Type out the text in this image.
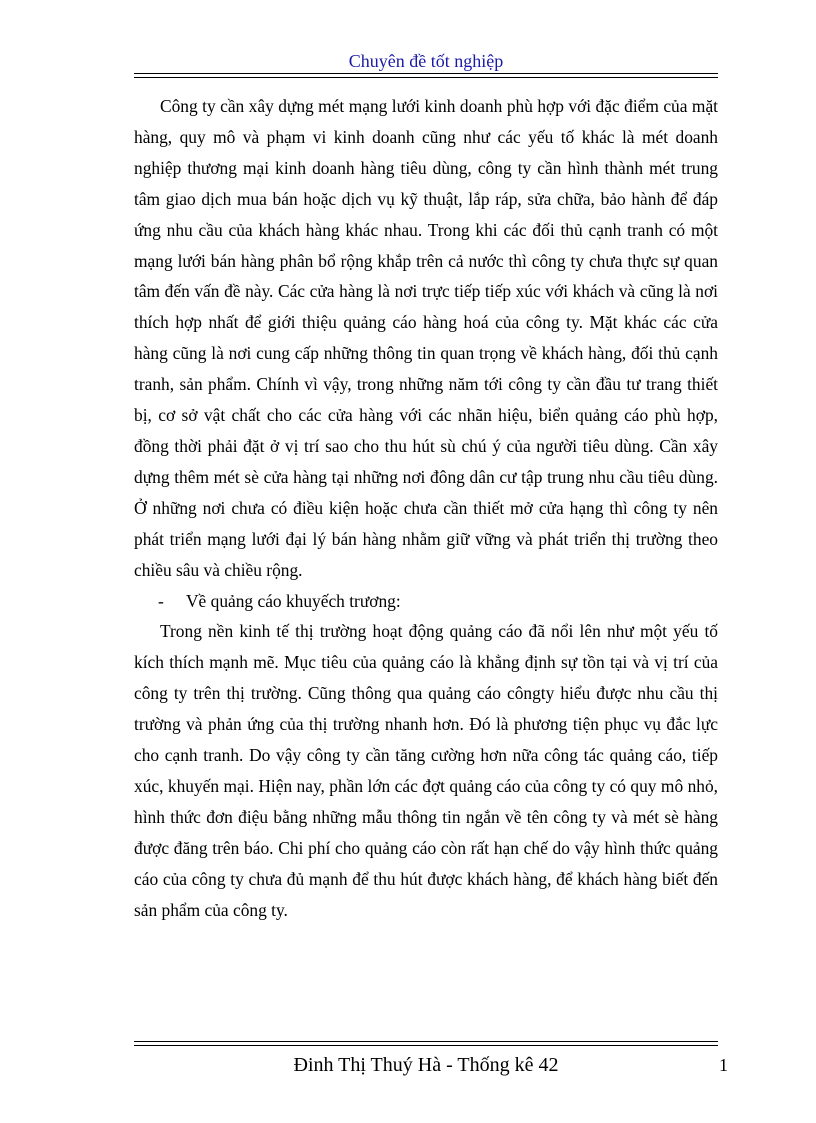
Chuyên đề tốt nghiệp

Công ty cần xây dựng mét mạng lưới kinh doanh phù hợp với đặc điểm của mặt hàng, quy mô và phạm vi kinh doanh cũng như các yếu tố khác là mét doanh nghiệp thương mại kinh doanh hàng tiêu dùng, công ty cần hình thành mét trung tâm giao dịch mua bán hoặc dịch vụ kỹ thuật, lắp ráp, sửa chữa, bảo hành để đáp ứng nhu cầu của khách hàng khác nhau. Trong khi các đối thủ cạnh tranh có một mạng lưới bán hàng phân bổ rộng khắp trên cả nước thì công ty chưa thực sự quan tâm đến vấn đề này. Các cửa hàng là nơi trực tiếp tiếp xúc với khách và cũng là nơi thích hợp nhất để giới thiệu quảng cáo hàng hoá của công ty. Mặt khác các cửa hàng cũng là nơi cung cấp những thông tin quan trọng về khách hàng, đối thủ cạnh tranh, sản phẩm. Chính vì vậy, trong những năm tới công ty cần đầu tư trang thiết bị, cơ sở vật chất cho các cửa hàng với các nhãn hiệu, biển quảng cáo phù hợp, đồng thời phải đặt ở vị trí sao cho thu hút sù chú ý của người tiêu dùng. Cần xây dựng thêm mét sè cửa hàng tại những nơi đông dân cư tập trung nhu cầu tiêu dùng. Ở những nơi chưa có điều kiện hoặc chưa cần thiết mở cửa hạng thì công ty nên phát triển mạng lưới đại lý bán hàng nhằm giữ vững và phát triển thị trường theo chiều sâu và chiều rộng.

-	Về quảng cáo khuyếch trương:

Trong nền kinh tế thị trường hoạt động quảng cáo đã nổi lên như một yếu tố kích thích mạnh mẽ. Mục tiêu của quảng cáo là khẳng định sự tồn tại và vị trí của công ty trên thị trường. Cũng thông qua quảng cáo côngty hiểu được nhu cầu thị trường và phản ứng của thị trường nhanh hơn. Đó là phương tiện phục vụ đắc lực cho cạnh tranh. Do vậy công ty cần tăng cường hơn nữa công tác quảng cáo, tiếp xúc, khuyến mại. Hiện nay, phần lớn các đợt quảng cáo của công ty có quy mô nhỏ, hình thức đơn điệu bằng những mẫu thông tin ngắn về tên công ty và mét sè hàng được đăng trên báo. Chi phí cho quảng cáo còn rất hạn chế do vậy hình thức quảng cáo của công ty chưa đủ mạnh để thu hút được khách hàng, để khách hàng biết đến sản phẩm của công ty.

Đinh Thị Thuý Hà - Thống kê 42	1
